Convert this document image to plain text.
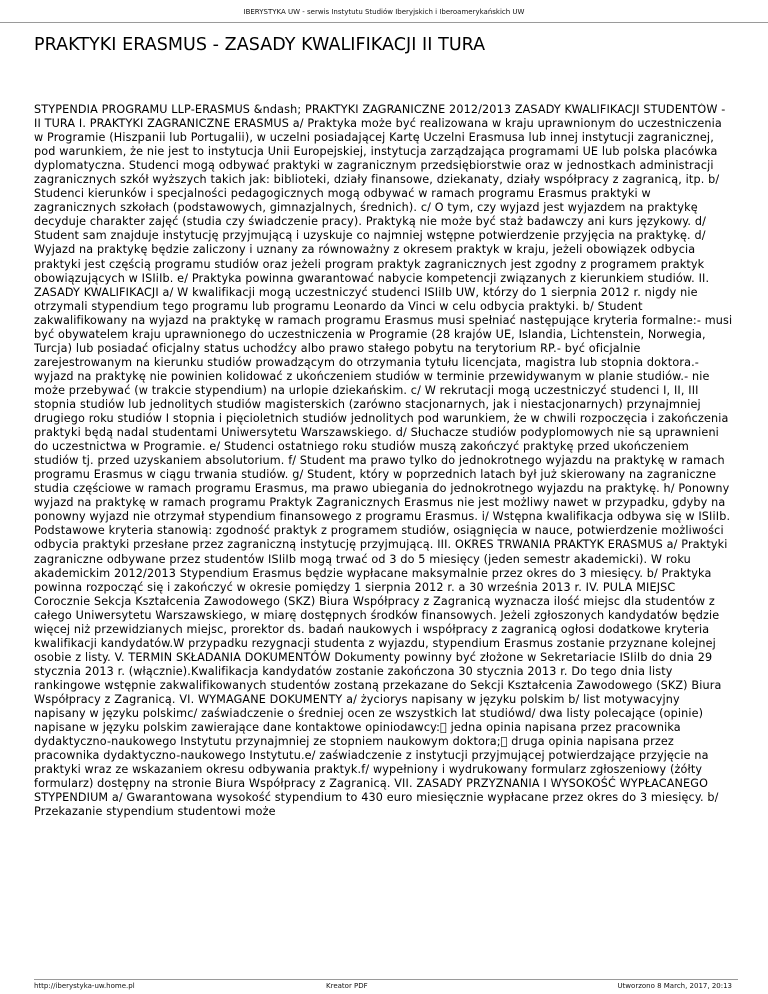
IBERYSTYKA UW - serwis Instytutu Studiów Iberyjskich i Iberoamerykańskich UW
PRAKTYKI ERASMUS - ZASADY KWALIFIKACJI II TURA
STYPENDIA PROGRAMU LLP-ERASMUS &ndash; PRAKTYKI ZAGRANICZNE 2012/2013 ZASADY KWALIFIKACJI STUDENTÓW - II TURA I. PRAKTYKI ZAGRANICZNE ERASMUS a/ Praktyka może być realizowana w kraju uprawnionym do uczestniczenia w Programie (Hiszpanii lub Portugalii), w uczelni posiadającej Kartę Uczelni Erasmusa lub innej instytucji zagranicznej, pod warunkiem, że nie jest to instytucja Unii Europejskiej, instytucja zarządzająca programami UE lub polska placówka dyplomatyczna. Studenci mogą odbywać praktyki w zagranicznym przedsiębiorstwie oraz w jednostkach administracji zagranicznych szkół wyższych takich jak: biblioteki, działy finansowe, dziekanaty, działy współpracy z zagranicą, itp. b/ Studenci kierunków i specjalności pedagogicznych mogą odbywać w ramach programu Erasmus praktyki w zagranicznych szkołach (podstawowych, gimnazjalnych, średnich). c/ O tym, czy wyjazd jest wyjazdem na praktykę decyduje charakter zajęć (studia czy świadczenie pracy). Praktyką nie może być staż badawczy ani kurs językowy. d/ Student sam znajduje instytucję przyjmującą i uzyskuje co najmniej wstępne potwierdzenie przyjęcia na praktykę. d/ Wyjazd na praktykę będzie zaliczony i uznany za równoważny z okresem praktyk w kraju, jeżeli obowiązek odbycia praktyki jest częścią programu studiów oraz jeżeli program praktyk zagranicznych jest zgodny z programem praktyk obowiązujących w ISIiIb. e/ Praktyka powinna gwarantować nabycie kompetencji związanych z kierunkiem studiów. II. ZASADY KWALIFIKACJI a/ W kwalifikacji mogą uczestniczyć studenci ISIiIb UW, którzy do 1 sierpnia 2012 r. nigdy nie otrzymali stypendium tego programu lub programu Leonardo da Vinci w celu odbycia praktyki. b/ Student zakwalifikowany na wyjazd na praktykę w ramach programu Erasmus musi spełniać następujące kryteria formalne:- musi być obywatelem kraju uprawnionego do uczestniczenia w Programie (28 krajów UE, Islandia, Lichtenstein, Norwegia, Turcja) lub posiadać oficjalny status uchodźcy albo prawo stałego pobytu na terytorium RP.- być oficjalnie zarejestrowanym na kierunku studiów prowadzącym do otrzymania tytułu licencjata, magistra lub stopnia doktora.- wyjazd na praktykę nie powinien kolidować z ukończeniem studiów w terminie przewidywanym w planie studiów.- nie może przebywać (w trakcie stypendium) na urlopie dziekańskim. c/ W rekrutacji mogą uczestniczyć studenci I, II, III stopnia studiów lub jednolitych studiów magisterskich (zarówno stacjonarnych, jak i niestacjonarnych) przynajmniej drugiego roku studiów I stopnia i pięcioletnich studiów jednolitych pod warunkiem, że w chwili rozpoczęcia i zakończenia praktyki będą nadal studentami Uniwersytetu Warszawskiego. d/ Słuchacze studiów podyplomowych nie są uprawnieni do uczestnictwa w Programie. e/ Studenci ostatniego roku studiów muszą zakończyć praktykę przed ukończeniem studiów tj. przed uzyskaniem absolutorium. f/ Student ma prawo tylko do jednokrotnego wyjazdu na praktykę w ramach programu Erasmus w ciągu trwania studiów. g/ Student, który w poprzednich latach był już skierowany na zagraniczne studia częściowe w ramach programu Erasmus, ma prawo ubiegania do jednokrotnego wyjazdu na praktykę. h/ Ponowny wyjazd na praktykę w ramach programu Praktyk Zagranicznych Erasmus nie jest możliwy nawet w przypadku, gdyby na ponowny wyjazd nie otrzymał stypendium finansowego z programu Erasmus. i/ Wstępna kwalifikacja odbywa się w ISIiIb. Podstawowe kryteria stanowią: zgodność praktyk z programem studiów, osiągnięcia w nauce, potwierdzenie możliwości odbycia praktyki przesłane przez zagraniczną instytucję przyjmującą. III. OKRES TRWANIA PRAKTYK ERASMUS a/ Praktyki zagraniczne odbywane przez studentów ISIiIb mogą trwać od 3 do 5 miesięcy (jeden semestr akademicki). W roku akademickim 2012/2013 Stypendium Erasmus będzie wypłacane maksymalnie przez okres do 3 miesięcy. b/ Praktyka powinna rozpocząć się i zakończyć w okresie pomiędzy 1 sierpnia 2012 r. a 30 września 2013 r. IV. PULA MIEJSC Corocznie Sekcja Kształcenia Zawodowego (SKZ) Biura Współpracy z Zagranicą wyznacza ilość miejsc dla studentów z całego Uniwersytetu Warszawskiego, w miarę dostępnych środków finansowych. Jeżeli zgłoszonych kandydatów będzie więcej niż przewidzianych miejsc, prorektor ds. badań naukowych i współpracy z zagranicą ogłosi dodatkowe kryteria kwalifikacji kandydatów.W przypadku rezygnacji studenta z wyjazdu, stypendium Erasmus zostanie przyznane kolejnej osobie z listy. V. TERMIN SKŁADANIA DOKUMENTÓW Dokumenty powinny być złożone w Sekretariacie ISIiIb do dnia 29 stycznia 2013 r. (włącznie).Kwalifikacja kandydatów zostanie zakończona 30 stycznia 2013 r. Do tego dnia listy rankingowe wstępnie zakwalifikowanych studentów zostaną przekazane do Sekcji Kształcenia Zawodowego (SKZ) Biura Współpracy z Zagranicą. VI. WYMAGANE DOKUMENTY a/ życiorys napisany w języku polskim b/ list motywacyjny napisany w języku polskimc/ zaświadczenie o średniej ocen ze wszystkich lat studiówd/ dwa listy polecające (opinie) napisane w języku polskim zawierające dane kontaktowe opiniodawcy: jedna opinia napisana przez pracownika dydaktyczno-naukowego Instytutu przynajmniej ze stopniem naukowym doktora; druga opinia napisana przez pracownika dydaktyczno-naukowego Instytutu.e/ zaświadczenie z instytucji przyjmującej potwierdzające przyjęcie na praktyki wraz ze wskazaniem okresu odbywania praktyk.f/ wypełniony i wydrukowany formularz zgłoszeniowy (żółty formularz) dostępny na stronie Biura Współpracy z Zagranicą. VII. ZASADY PRZYZNANIA I WYSOKOŚĆ WYPŁACANEGO STYPENDIUM a/ Gwarantowana wysokość stypendium to 430 euro miesięcznie wypłacane przez okres do 3 miesięcy. b/ Przekazanie stypendium studentowi może
http://iberystyka-uw.home.pl	Kreator PDF	Utworzono 8 March, 2017, 20:13
